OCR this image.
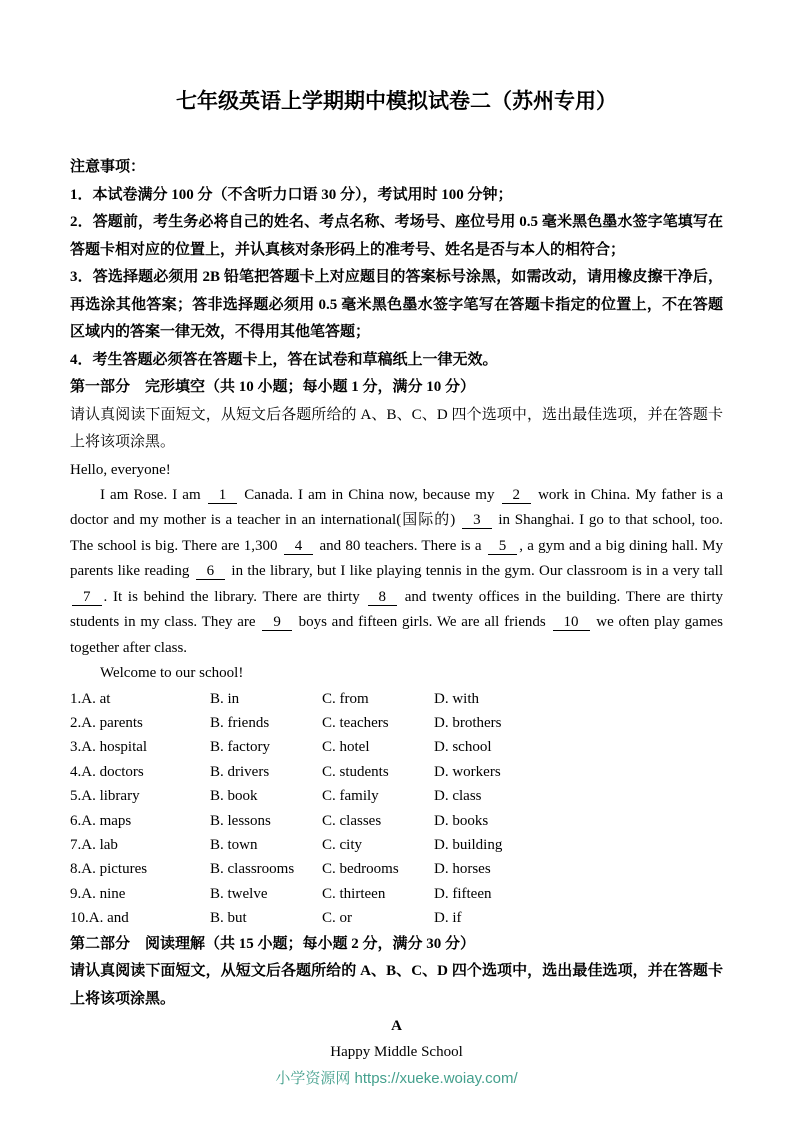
七年级英语上学期期中模拟试卷二（苏州专用）

注意事项：

1．本试卷满分 100 分（不含听力口语 30 分），考试用时 100 分钟；

2．答题前，考生务必将自己的姓名、考点名称、考场号、座位号用 0.5 毫米黑色墨水签字笔填写在答题卡相对应的位置上，并认真核对条形码上的准考号、姓名是否与本人的相符合；

3．答选择题必须用 2B 铅笔把答题卡上对应题目的答案标号涂黑，如需改动，请用橡皮擦干净后，再选涂其他答案；答非选择题必须用 0.5 毫米黑色墨水签字笔写在答题卡指定的位置上，不在答题区域内的答案一律无效，不得用其他笔答题；

4．考生答题必须答在答题卡上，答在试卷和草稿纸上一律无效。

第一部分　完形填空（共 10 小题；每小题 1 分，满分 10 分）

请认真阅读下面短文，从短文后各题所给的 A、B、C、D 四个选项中，选出最佳选项，并在答题卡上将该项涂黑。

Hello, everyone!

I am Rose. I am 1 Canada. I am in China now, because my 2 work in China. My father is a doctor and my mother is a teacher in an international(国际的) 3 in Shanghai. I go to that school, too. The school is big. There are 1,300 4 and 80 teachers. There is a 5 , a gym and a big dining hall. My parents like reading 6 in the library, but I like playing tennis in the gym. Our classroom is in a very tall 7 . It is behind the library. There are thirty 8 and twenty offices in the building. There are thirty students in my class. They are 9 boys and fifteen girls. We are all friends 10 we often play games together after class.

Welcome to our school!

1.A. at	B. in	C. from	D. with
2.A. parents	B. friends	C. teachers	D. brothers
3.A. hospital	B. factory	C. hotel	D. school
4.A. doctors	B. drivers	C. students	D. workers
5.A. library	B. book	C. family	D. class
6.A. maps	B. lessons	C. classes	D. books
7.A. lab	B. town	C. city	D. building
8.A. pictures	B. classrooms	C. bedrooms	D. horses
9.A. nine	B. twelve	C. thirteen	D. fifteen
10.A. and	B. but	C. or	D. if

第二部分　阅读理解（共 15 小题；每小题 2 分，满分 30 分）

请认真阅读下面短文，从短文后各题所给的 A、B、C、D 四个选项中，选出最佳选项，并在答题卡上将该项涂黑。

A

Happy Middle School

小学资源网 https://xueke.woiay.com/
